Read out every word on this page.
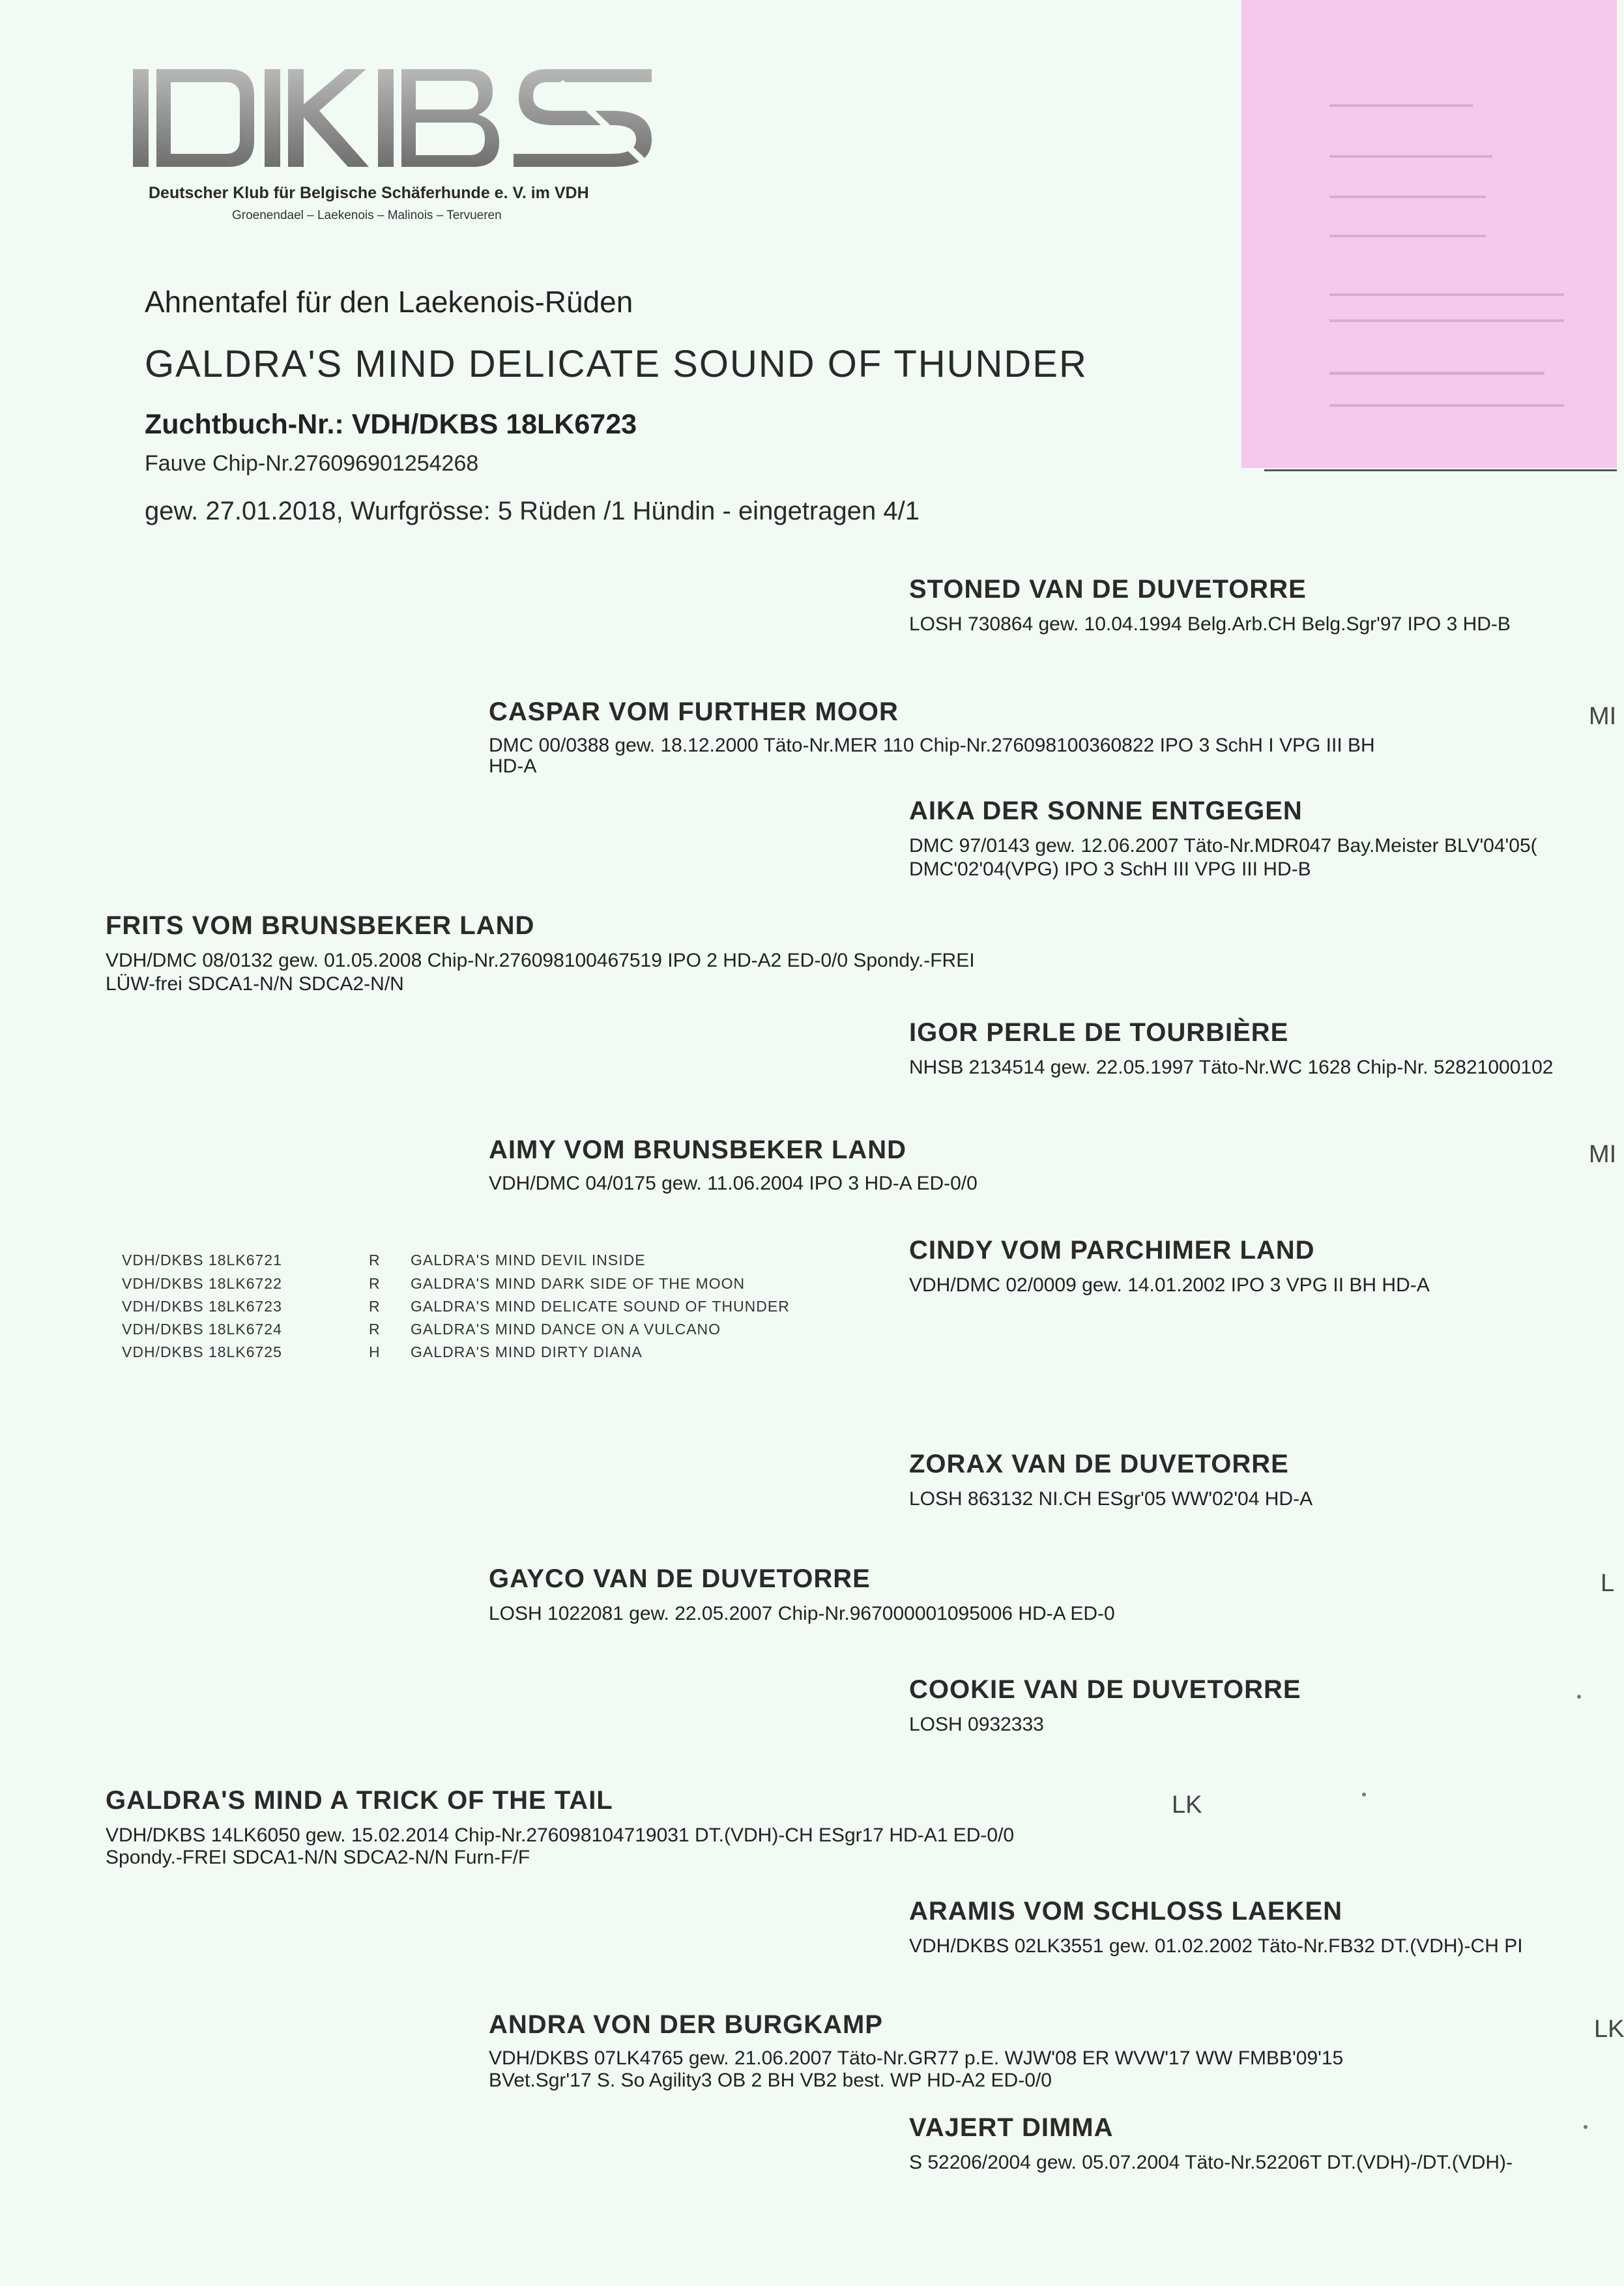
Deutscher Klub für Belgische Schäferhunde e. V. im VDH
Groenendael – Laekenois – Malinois – Tervueren
Ahnentafel für den Laekenois-Rüden
GALDRA'S MIND DELICATE SOUND OF THUNDER
Zuchtbuch-Nr.: VDH/DKBS 18LK6723
Fauve Chip-Nr.276096901254268
gew. 27.01.2018, Wurfgrösse: 5 Rüden /1 Hündin - eingetragen 4/1
STONED VAN DE DUVETORRE
LOSH 730864 gew. 10.04.1994 Belg.Arb.CH Belg.Sgr'97 IPO 3 HD-B
AIKA DER SONNE ENTGEGEN
DMC 97/0143 gew. 12.06.2007 Täto-Nr.MDR047 Bay.Meister BLV'04'05(
DMC'02'04(VPG) IPO 3 SchH III VPG III HD-B
IGOR PERLE DE TOURBIÈRE
NHSB 2134514 gew. 22.05.1997 Täto-Nr.WC 1628 Chip-Nr. 52821000102
CINDY VOM PARCHIMER LAND
VDH/DMC 02/0009 gew. 14.01.2002 IPO 3 VPG II BH HD-A
ZORAX VAN DE DUVETORRE
LOSH 863132 NI.CH ESgr'05 WW'02'04 HD-A
COOKIE VAN DE DUVETORRE
LOSH 0932333
ARAMIS VOM SCHLOSS LAEKEN
VDH/DKBS 02LK3551 gew. 01.02.2002 Täto-Nr.FB32 DT.(VDH)-CH PI
VAJERT DIMMA
S 52206/2004 gew. 05.07.2004 Täto-Nr.52206T DT.(VDH)-/DT.(VDH)-
CASPAR VOM FURTHER MOOR
DMC 00/0388 gew. 18.12.2000 Täto-Nr.MER 110 Chip-Nr.276098100360822 IPO 3 SchH I VPG III BH
HD-A
MI
AIMY VOM BRUNSBEKER LAND
VDH/DMC 04/0175 gew. 11.06.2004 IPO 3 HD-A ED-0/0
MI
GAYCO VAN DE DUVETORRE
LOSH 1022081 gew. 22.05.2007 Chip-Nr.967000001095006 HD-A ED-0
L
ANDRA VON DER BURGKAMP
VDH/DKBS 07LK4765 gew. 21.06.2007 Täto-Nr.GR77 p.E. WJW'08 ER WVW'17 WW FMBB'09'15
BVet.Sgr'17 S. So Agility3 OB 2 BH VB2 best. WP HD-A2 ED-0/0
LK
FRITS VOM BRUNSBEKER LAND
VDH/DMC 08/0132 gew. 01.05.2008 Chip-Nr.276098100467519 IPO 2 HD-A2 ED-0/0 Spondy.-FREI
LÜW-frei SDCA1-N/N SDCA2-N/N
GALDRA'S MIND A TRICK OF THE TAIL
VDH/DKBS 14LK6050 gew. 15.02.2014 Chip-Nr.276098104719031 DT.(VDH)-CH ESgr17 HD-A1 ED-0/0
Spondy.-FREI SDCA1-N/N SDCA2-N/N Furn-F/F
LK
VDH/DKBS 18LK6721	R GALDRA'S MIND DEVIL INSIDE
VDH/DKBS 18LK6722	R GALDRA'S MIND DARK SIDE OF THE MOON
VDH/DKBS 18LK6723	R GALDRA'S MIND DELICATE SOUND OF THUNDER
VDH/DKBS 18LK6724	R GALDRA'S MIND DANCE ON A VULCANO
VDH/DKBS 18LK6725	H GALDRA'S MIND DIRTY DIANA
